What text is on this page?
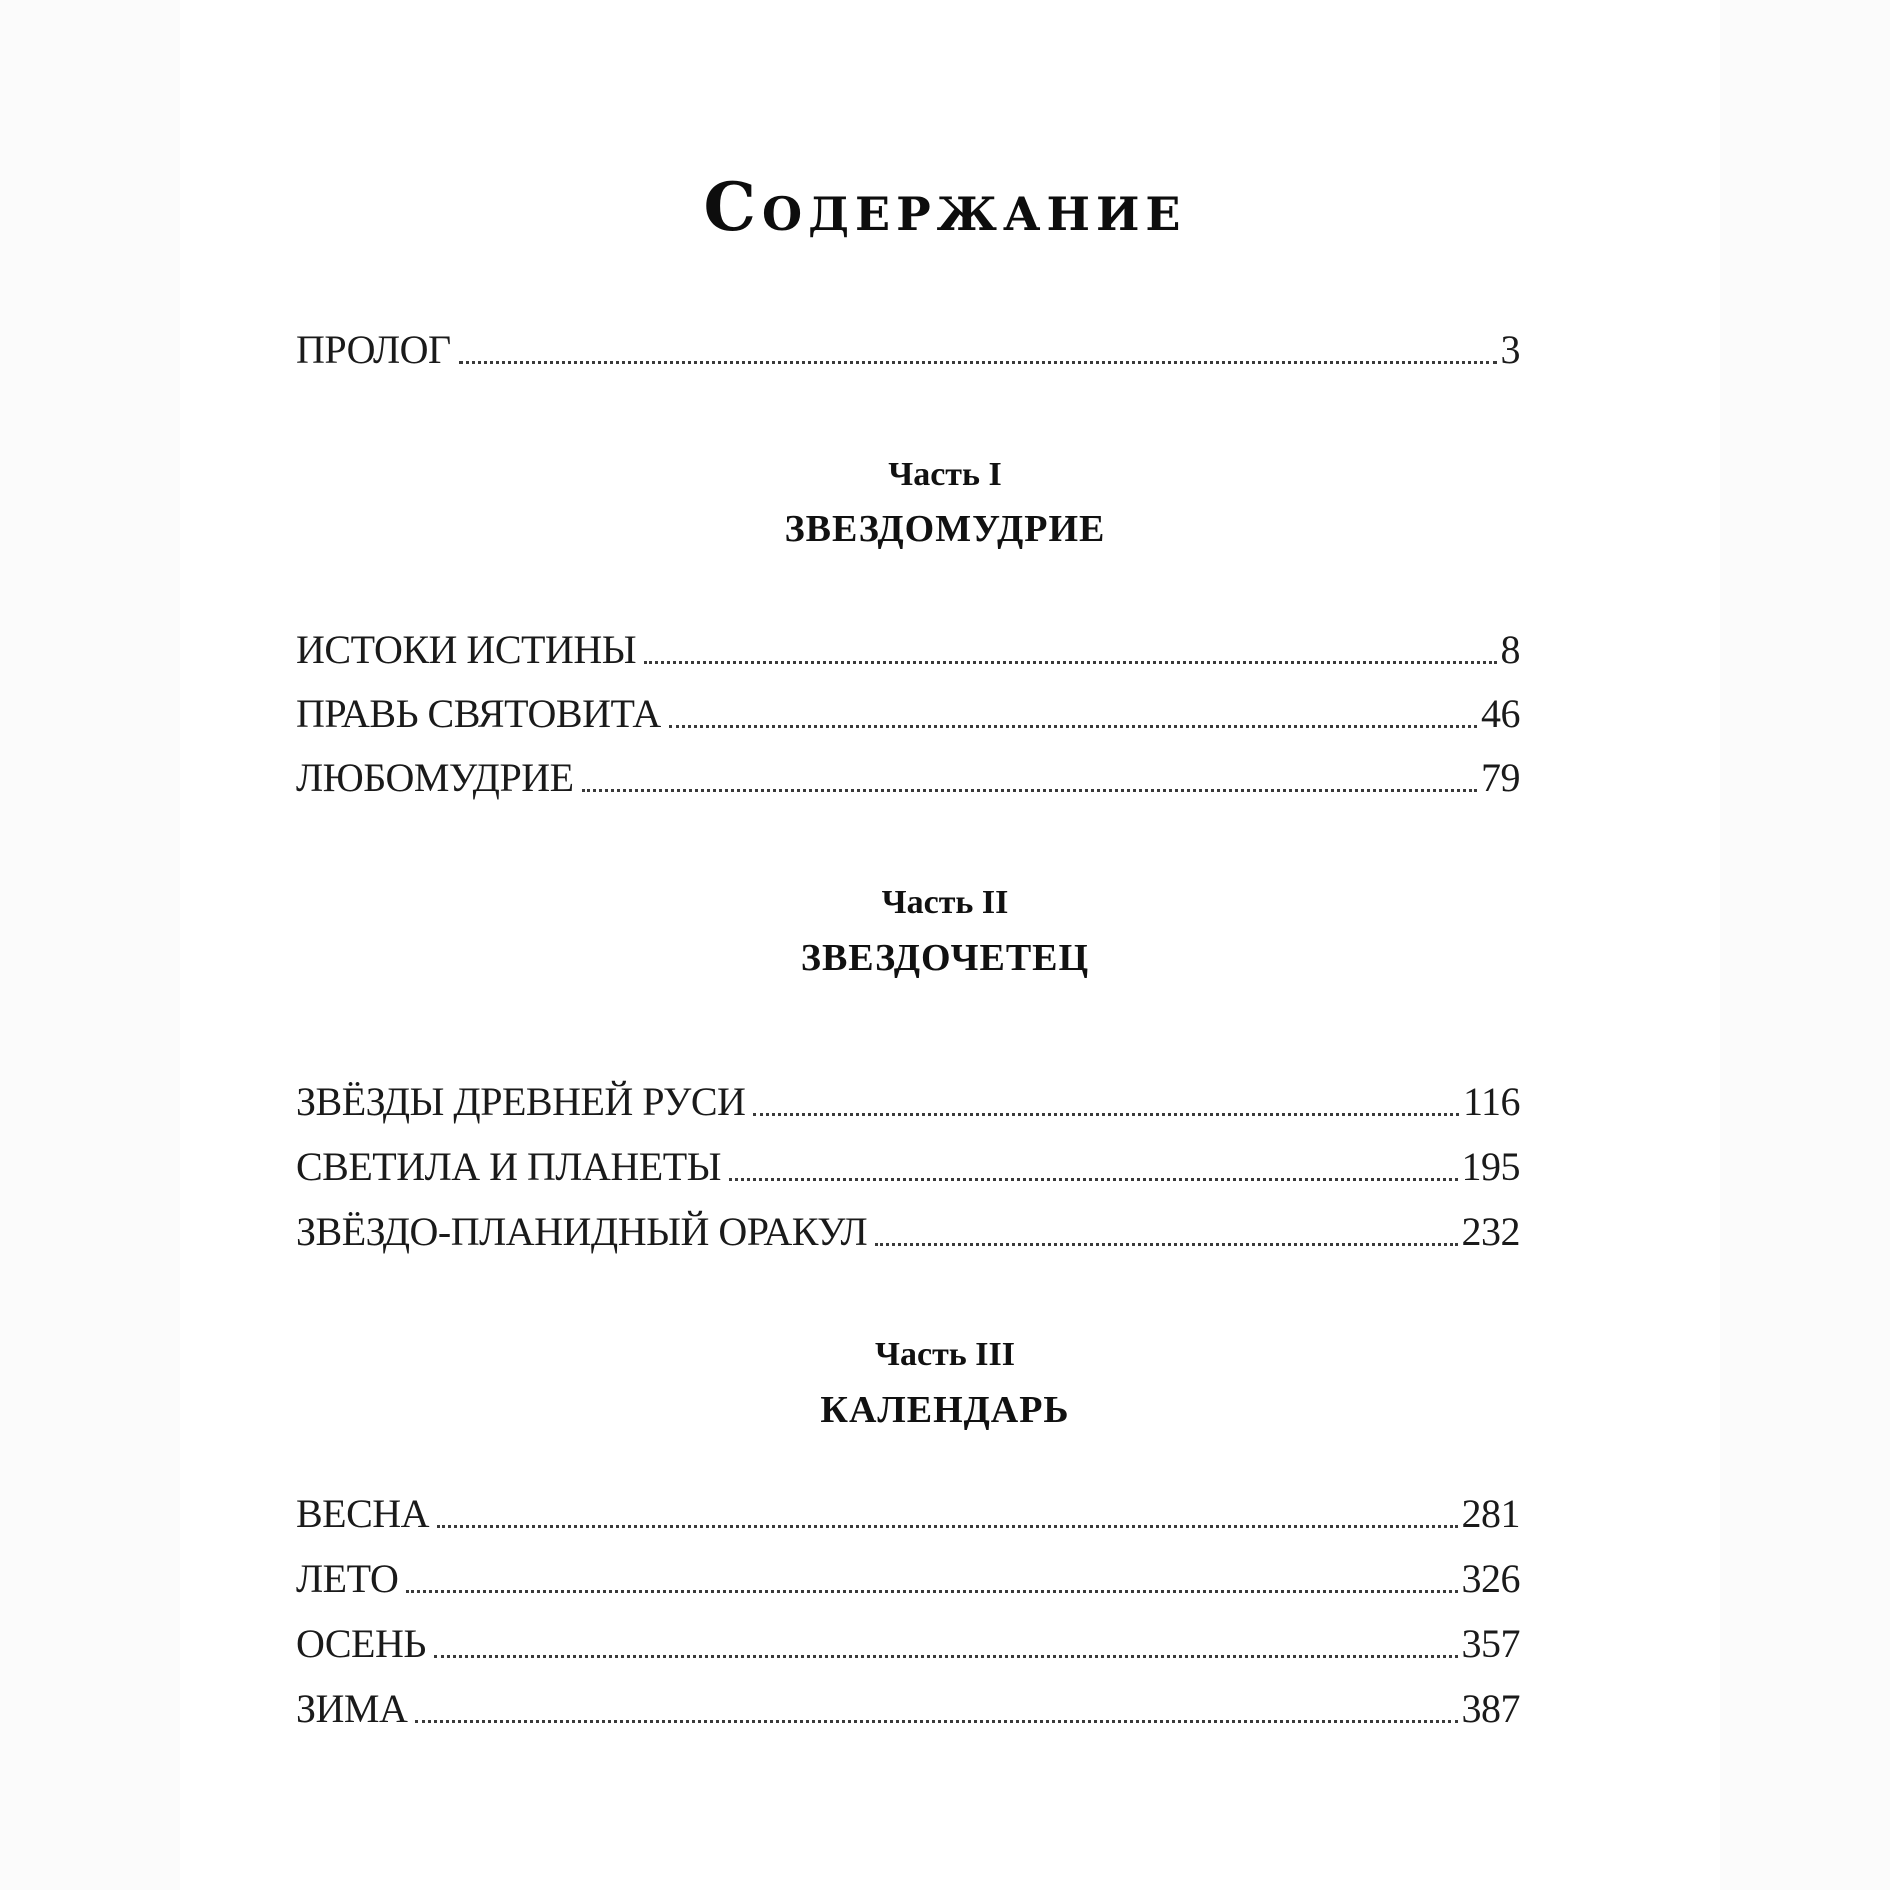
Содержание
ПРОЛОГ	3
Часть I
ЗВЕЗДОМУДРИЕ
ИСТОКИ ИСТИНЫ	8
ПРАВЬ СВЯТОВИТА	46
ЛЮБОМУДРИЕ	79
Часть II
ЗВЕЗДОЧЕТЕЦ
ЗВЁЗДЫ ДРЕВНЕЙ РУСИ	116
СВЕТИЛА И ПЛАНЕТЫ	195
ЗВЁЗДО-ПЛАНИДНЫЙ ОРАКУЛ	232
Часть III
КАЛЕНДАРЬ
ВЕСНА	281
ЛЕТО	326
ОСЕНЬ	357
ЗИМА	387
